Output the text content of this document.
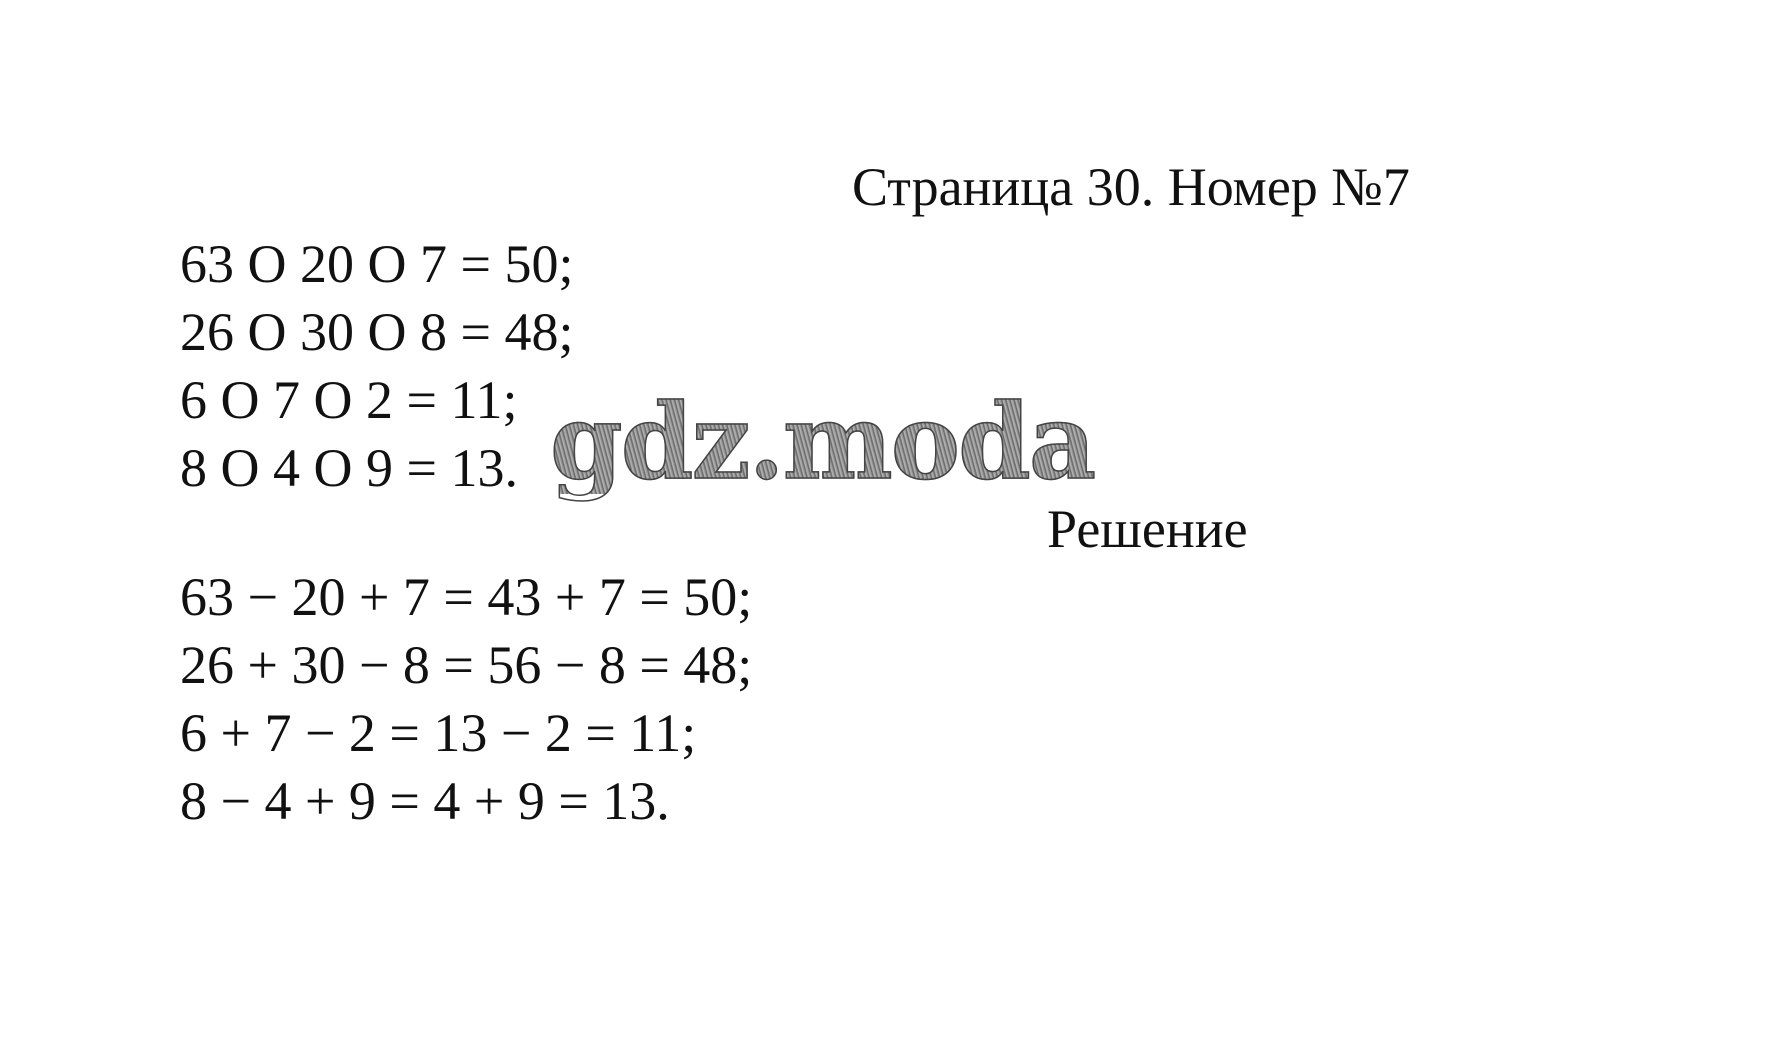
Страница 30. Номер №7
63 O 20 O 7 = 50;
26 O 30 O 8 = 48;
6 O 7 O 2 = 11;
8 O 4 O 9 = 13. gdz.moda
Решение
63 − 20 + 7 = 43 + 7 = 50;
26 + 30 − 8 = 56 − 8 = 48;
6 + 7 − 2 = 13 − 2 = 11;
8 − 4 + 9 = 4 + 9 = 13.
